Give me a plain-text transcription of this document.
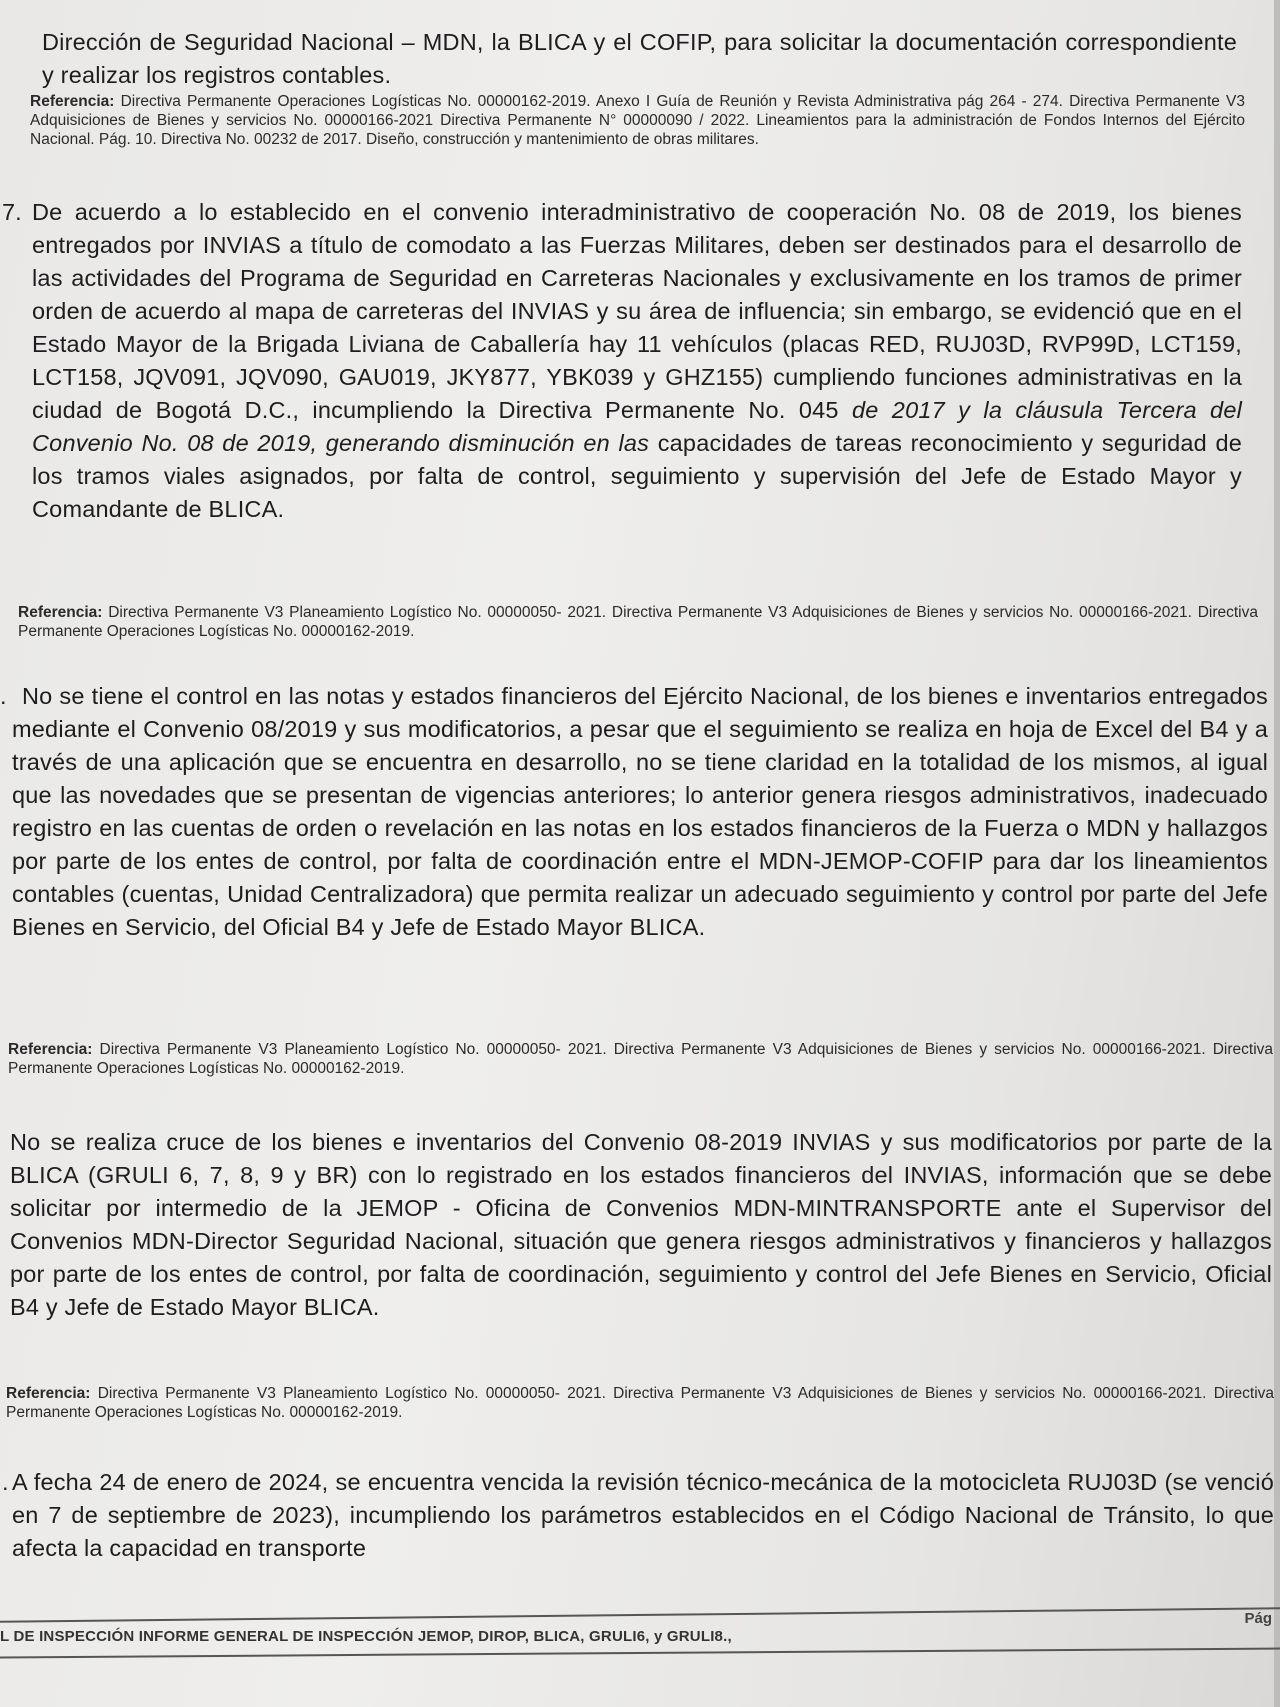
Dirección de Seguridad Nacional – MDN, la BLICA y el COFIP, para solicitar la documentación correspondiente y realizar los registros contables.
Referencia: Directiva Permanente Operaciones Logísticas No. 00000162-2019. Anexo I Guía de Reunión y Revista Administrativa pág 264 - 274. Directiva Permanente V3 Adquisiciones de Bienes y servicios No. 00000166-2021 Directiva Permanente N° 00000090 / 2022. Lineamientos para la administración de Fondos Internos del Ejército Nacional. Pág. 10. Directiva No. 00232 de 2017. Diseño, construcción y mantenimiento de obras militares.
7. De acuerdo a lo establecido en el convenio interadministrativo de cooperación No. 08 de 2019, los bienes entregados por INVIAS a título de comodato a las Fuerzas Militares, deben ser destinados para el desarrollo de las actividades del Programa de Seguridad en Carreteras Nacionales y exclusivamente en los tramos de primer orden de acuerdo al mapa de carreteras del INVIAS y su área de influencia; sin embargo, se evidenció que en el Estado Mayor de la Brigada Liviana de Caballería hay 11 vehículos (placas RED, RUJ03D, RVP99D, LCT159, LCT158, JQV091, JQV090, GAU019, JKY877, YBK039 y GHZ155) cumpliendo funciones administrativas en la ciudad de Bogotá D.C., incumpliendo la Directiva Permanente No. 045 de 2017 y la cláusula Tercera del Convenio No. 08 de 2019, generando disminución en las capacidades de tareas reconocimiento y seguridad de los tramos viales asignados, por falta de control, seguimiento y supervisión del Jefe de Estado Mayor y Comandante de BLICA.
Referencia: Directiva Permanente V3 Planeamiento Logístico No. 00000050- 2021. Directiva Permanente V3 Adquisiciones de Bienes y servicios No. 00000166-2021. Directiva Permanente Operaciones Logísticas No. 00000162-2019.
. No se tiene el control en las notas y estados financieros del Ejército Nacional, de los bienes e inventarios entregados mediante el Convenio 08/2019 y sus modificatorios, a pesar que el seguimiento se realiza en hoja de Excel del B4 y a través de una aplicación que se encuentra en desarrollo, no se tiene claridad en la totalidad de los mismos, al igual que las novedades que se presentan de vigencias anteriores; lo anterior genera riesgos administrativos, inadecuado registro en las cuentas de orden o revelación en las notas en los estados financieros de la Fuerza o MDN y hallazgos por parte de los entes de control, por falta de coordinación entre el MDN-JEMOP-COFIP para dar los lineamientos contables (cuentas, Unidad Centralizadora) que permita realizar un adecuado seguimiento y control por parte del Jefe Bienes en Servicio, del Oficial B4 y Jefe de Estado Mayor BLICA.
Referencia: Directiva Permanente V3 Planeamiento Logístico No. 00000050- 2021. Directiva Permanente V3 Adquisiciones de Bienes y servicios No. 00000166-2021. Directiva Permanente Operaciones Logísticas No. 00000162-2019.
No se realiza cruce de los bienes e inventarios del Convenio 08-2019 INVIAS y sus modificatorios por parte de la BLICA (GRULI 6, 7, 8, 9 y BR) con lo registrado en los estados financieros del INVIAS, información que se debe solicitar por intermedio de la JEMOP - Oficina de Convenios MDN-MINTRANSPORTE ante el Supervisor del Convenios MDN-Director Seguridad Nacional, situación que genera riesgos administrativos y financieros y hallazgos por parte de los entes de control, por falta de coordinación, seguimiento y control del Jefe Bienes en Servicio, Oficial B4 y Jefe de Estado Mayor BLICA.
Referencia: Directiva Permanente V3 Planeamiento Logístico No. 00000050- 2021. Directiva Permanente V3 Adquisiciones de Bienes y servicios No. 00000166-2021. Directiva Permanente Operaciones Logísticas No. 00000162-2019.
. A fecha 24 de enero de 2024, se encuentra vencida la revisión técnico-mecánica de la motocicleta RUJ03D (se venció en 7 de septiembre de 2023), incumpliendo los parámetros establecidos en el Código Nacional de Tránsito, lo que afecta la capacidad en transporte
L DE INSPECCIÓN INFORME GENERAL DE INSPECCIÓN JEMOP, DIROP, BLICA, GRULI6, y GRULI8.,
Pág
